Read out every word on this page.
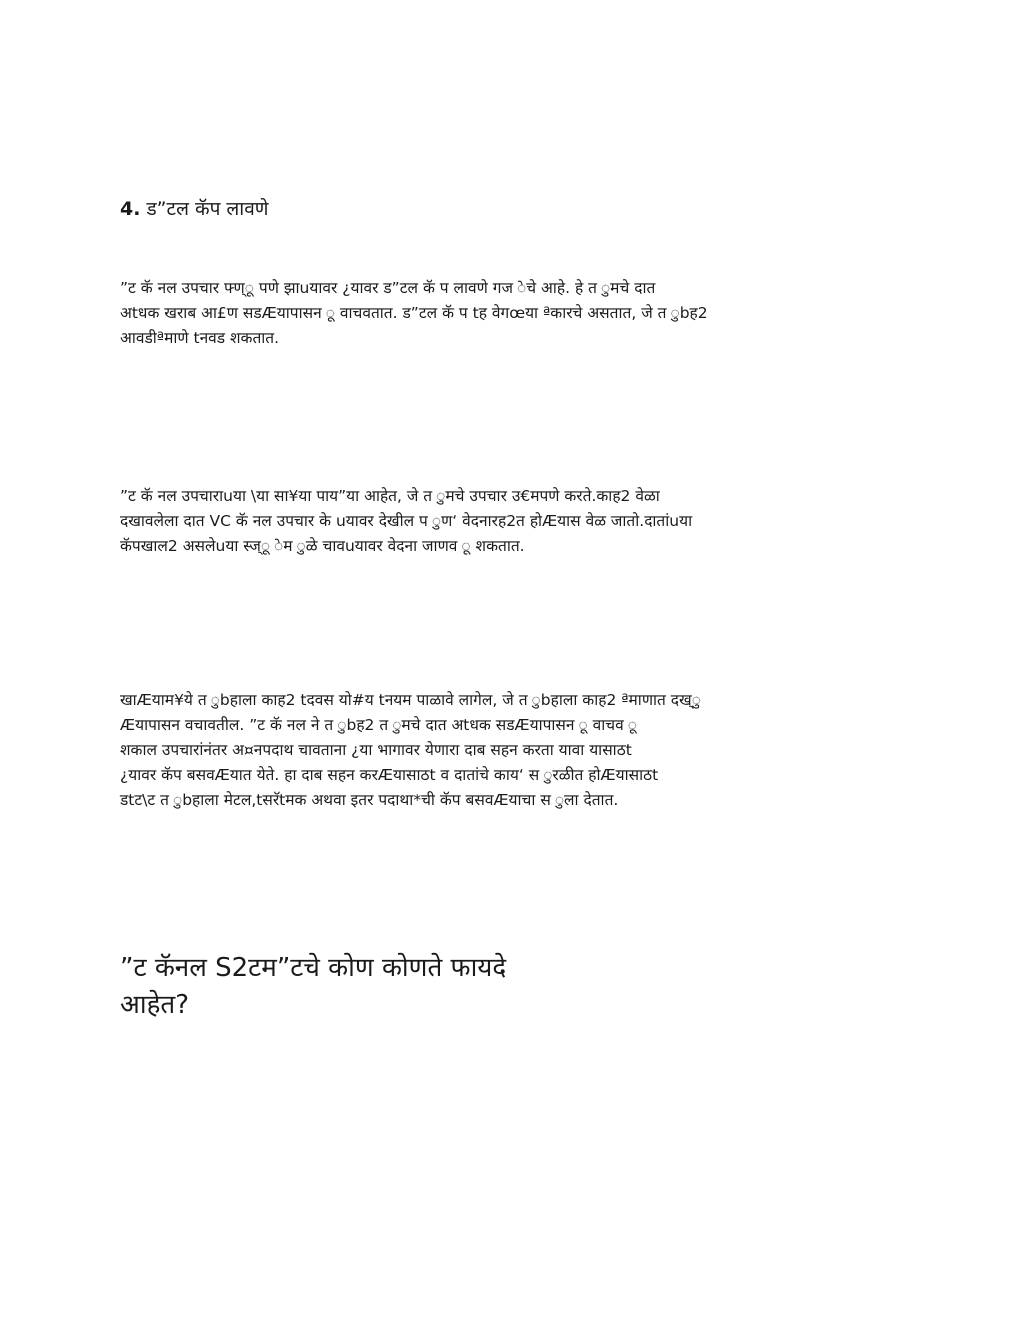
4. ड”टल कॅप लावणे

”ट कॅ नल उपचार फ्ण्ू पणे झाuयावर ¿यावर ड”टल कॅ प लावणे गज ेचे आहे. हे त ुमचे दात
अtधक खराब आ£ण सडÆयापासन ू वाचवतात. ड”टल कॅ प tह वेगœया ªकारचे असतात, जे त ुbह2
आवडीªमाणे tनवड शकतात.

”ट कॅ नल उपचाराuया \या सा¥या पाय”या आहेत, जे त ुमचे उपचार उ€मपणे करते.काह2 वेळा
दखावलेला दात VC कॅ नल उपचार के uयावर देखील प ुण‘ वेदनारह2त होÆयास वेळ जातो.दातांuया
कॅपखाल2 असलेuया स्ज्ू ेम ुळे चावuयावर वेदना जाणव ू शकतात.

खाÆयाम¥ये त ुbहाला काह2 tदवस यो#य tनयम पाळावे लागेल, जे त ुbहाला काह2 ªमाणात दख्ु
Æयापासन वचावतील. ”ट कॅ नल ने त ुbह2 त ुमचे दात अtधक सडÆयापासन ू वाचव ू
शकाल उपचारांनंतर अ¤नपदाथ चावताना ¿या भागावर येणारा दाब सहन करता यावा यासाठt
¿यावर कॅप बसवÆयात येते. हा दाब सहन करÆयासाठt व दातांचे काय‘ स ुरळीत होÆयासाठt
डtट\ट त ुbहाला मेटल,tसरॅtमक अथवा इतर पदाथा*ची कॅप बसवÆयाचा स ुला देतात.

”ट कॅनल S2टम”टचे कोण कोणते फायदे
आहेत?
